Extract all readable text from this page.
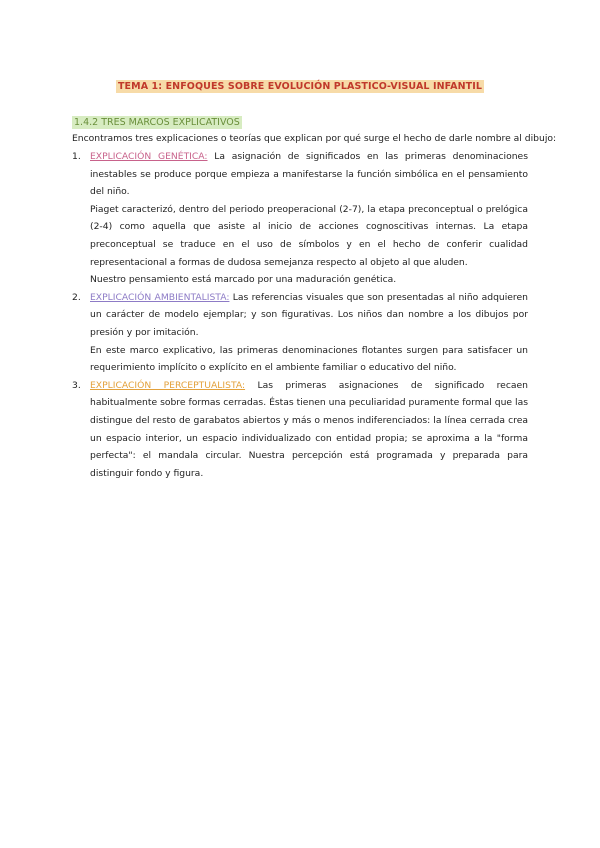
TEMA 1: ENFOQUES SOBRE EVOLUCIÓN PLASTICO-VISUAL INFANTIL
1.4.2 TRES MARCOS EXPLICATIVOS
Encontramos tres explicaciones o teorías que explican por qué surge el hecho de darle nombre al dibujo:
1. EXPLICACIÓN GENÉTICA: La asignación de significados en las primeras denominaciones inestables se produce porque empieza a manifestarse la función simbólica en el pensamiento del niño.

Piaget caracterizó, dentro del periodo preoperacional (2-7), la etapa preconceptual o prelógica (2-4) como aquella que asiste al inicio de acciones cognoscitivas internas. La etapa preconceptual se traduce en el uso de símbolos y en el hecho de conferir cualidad representacional a formas de dudosa semejanza respecto al objeto al que aluden.

Nuestro pensamiento está marcado por una maduración genética.

2. EXPLICACIÓN AMBIENTALISTA: Las referencias visuales que son presentadas al niño adquieren un carácter de modelo ejemplar; y son figurativas. Los niños dan nombre a los dibujos por presión y por imitación.

En este marco explicativo, las primeras denominaciones flotantes surgen para satisfacer un requerimiento implícito o explícito en el ambiente familiar o educativo del niño.

3. EXPLICACIÓN PERCEPTUALISTA: Las primeras asignaciones de significado recaen habitualmente sobre formas cerradas. Éstas tienen una peculiaridad puramente formal que las distingue del resto de garabatos abiertos y más o menos indiferenciados: la línea cerrada crea un espacio interior, un espacio individualizado con entidad propia; se aproxima a la "forma perfecta": el mandala circular. Nuestra percepción está programada y preparada para distinguir fondo y figura.
